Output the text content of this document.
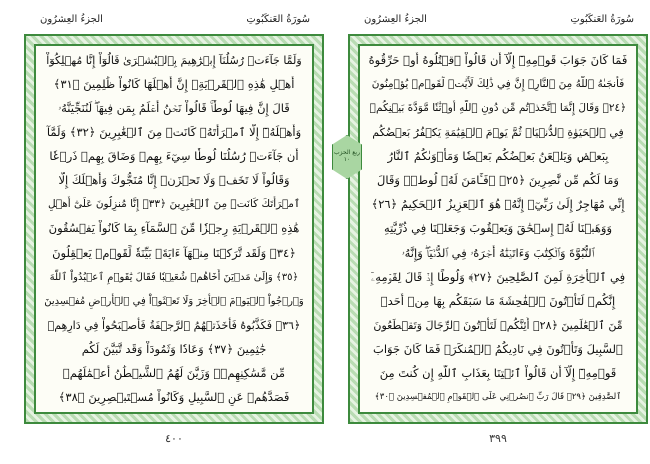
الجزءُ العِشرُون	سُورَةُ العَنكَبُوتِ
وَلَمَّا جَآءَتۡ رُسُلُنَآ إِبۡرَٰهِيمَ بِٱلۡبُشۡرَىٰ قَالُوٓاْ إِنَّا مُهۡلِكُوٓاْ
أَهۡلِ هَٰذِهِ ٱلۡقَرۡيَةِۖ إِنَّ أَهۡلَهَا كَانُواْ ظَٰلِمِينَ ﴿٣١﴾
قَالَ إِنَّ فِيهَا لُوطٗاۚ قَالُواْ نَحۡنُ أَعۡلَمُ بِمَن فِيهَاۖ لَنُنَجِّيَنَّهُۥ
وَأَهۡلَهُۥٓ إِلَّا ٱمۡرَأَتَهُۥ كَانَتۡ مِنَ ٱلۡغَٰبِرِينَ ﴿٣٢﴾ وَلَمَّآ
أَن جَآءَتۡ رُسُلُنَا لُوطٗا سِيٓءَ بِهِمۡ وَضَاقَ بِهِمۡ ذَرۡعٗا
وَقَالُواْ لَا تَخَفۡ وَلَا تَحۡزَنۡ إِنَّا مُنَجُّوكَ وَأَهۡلَكَ إِلَّا
ٱمۡرَأَتَكَ كَانَتۡ مِنَ ٱلۡغَٰبِرِينَ ﴿٣٣﴾ إِنَّا مُنزِلُونَ عَلَىٰٓ أَهۡلِ
هَٰذِهِ ٱلۡقَرۡيَةِ رِجۡزٗا مِّنَ ٱلسَّمَآءِ بِمَا كَانُواْ يَفۡسُقُونَ
﴿٣٤﴾ وَلَقَد تَّرَكۡنَا مِنۡهَآ ءَايَةَۢ بَيِّنَةٗ لِّقَوۡمٖ يَعۡقِلُونَ
﴿٣٥﴾ وَإِلَىٰ مَدۡيَنَ أَخَاهُمۡ شُعَيۡبٗا فَقَالَ يَٰقَوۡمِ ٱعۡبُدُواْ ٱللَّهَ
وَٱرۡجُواْ ٱلۡيَوۡمَ ٱلۡأٓخِرَ وَلَا تَعۡثَوۡاْ فِي ٱلۡأَرۡضِ مُفۡسِدِينَ
﴿٣٦﴾ فَكَذَّبُوهُ فَأَخَذَتۡهُمُ ٱلرَّجۡفَةُ فَأَصۡبَحُواْ فِي دَارِهِمۡ
جَٰثِمِينَ ﴿٣٧﴾ وَعَادٗا وَثَمُودَاْ وَقَد تَّبَيَّنَ لَكُم
مِّن مَّسَٰكِنِهِمۡۖ وَزَيَّنَ لَهُمُ ٱلشَّيۡطَٰنُ أَعۡمَٰلَهُمۡ
فَصَدَّهُمۡ عَنِ ٱلسَّبِيلِ وَكَانُواْ مُسۡتَبۡصِرِينَ ﴿٣٨﴾
٤٠٠
الجزءُ العِشرُون	سُورَةُ العَنكَبُوتِ
فَمَا كَانَ جَوَابَ قَوۡمِهِۦٓ إِلَّآ أَن قَالُواْ ٱقۡتُلُوهُ أَوۡ حَرِّقُوهُ
فَأَنجَىٰهُ ٱللَّهُ مِنَ ٱلنَّارِۚ إِنَّ فِي ذَٰلِكَ لَأٓيَٰتٖ لِّقَوۡمٖ يُؤۡمِنُونَ
﴿٢٤﴾ وَقَالَ إِنَّمَا ٱتَّخَذۡتُم مِّن دُونِ ٱللَّهِ أَوۡثَٰنٗا مَّوَدَّةَ بَيۡنِكُمۡ
فِي ٱلۡحَيَوٰةِ ٱلدُّنۡيَاۖ ثُمَّ يَوۡمَ ٱلۡقِيَٰمَةِ يَكۡفُرُ بَعۡضُكُم
بِبَعۡضٖ وَيَلۡعَنُ بَعۡضُكُم بَعۡضٗا وَمَأۡوَىٰكُمُ ٱلنَّارُ
وَمَا لَكُم مِّن نَّٰصِرِينَ ﴿٢٥﴾ ۞فَـَٔامَنَ لَهُۥ لُوطٞۘ وَقَالَ
إِنِّي مُهَاجِرٌ إِلَىٰ رَبِّيٓۖ إِنَّهُۥ هُوَ ٱلۡعَزِيزُ ٱلۡحَكِيمُ ﴿٢٦﴾
وَوَهَبۡنَا لَهُۥٓ إِسۡحَٰقَ وَيَعۡقُوبَ وَجَعَلۡنَا فِي ذُرِّيَّتِهِ
ٱلنُّبُوَّةَ وَٱلۡكِتَٰبَ وَءَاتَيۡنَٰهُ أَجۡرَهُۥ فِي ٱلدُّنۡيَاۖ وَإِنَّهُۥ
فِي ٱلۡأٓخِرَةِ لَمِنَ ٱلصَّٰلِحِينَ ﴿٢٧﴾ وَلُوطًا إِذۡ قَالَ لِقَوۡمِهِۦٓ
إِنَّكُمۡ لَتَأۡتُونَ ٱلۡفَٰحِشَةَ مَا سَبَقَكُم بِهَا مِنۡ أَحَدٖ
مِّنَ ٱلۡعَٰلَمِينَ ﴿٢٨﴾ أَئِنَّكُمۡ لَتَأۡتُونَ ٱلرِّجَالَ وَتَقۡطَعُونَ
ٱلسَّبِيلَ وَتَأۡتُونَ فِي نَادِيكُمُ ٱلۡمُنكَرَۖ فَمَا كَانَ جَوَابَ
قَوۡمِهِۦٓ إِلَّآ أَن قَالُواْ ٱئۡتِنَا بِعَذَابِ ٱللَّهِ إِن كُنتَ مِنَ
ٱلصَّٰدِقِينَ ﴿٢٩﴾ قَالَ رَبِّ ٱنصُرۡنِي عَلَى ٱلۡقَوۡمِ ٱلۡمُفۡسِدِينَ ﴿٣٠﴾
٣٩٩
ربع الحزب ١٠
